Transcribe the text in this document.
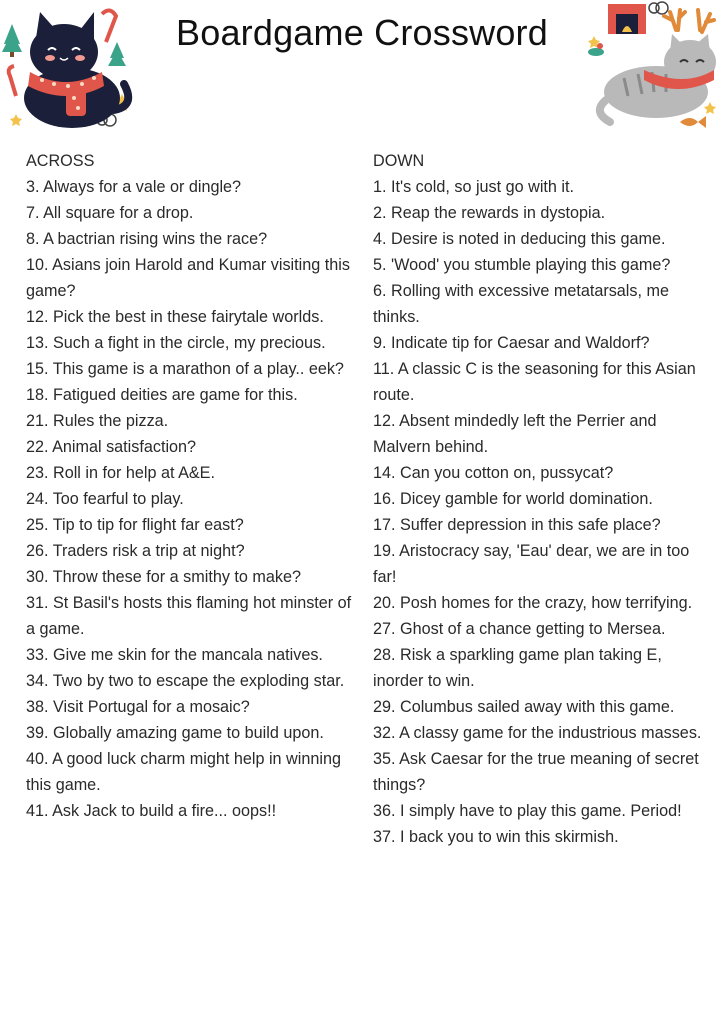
Boardgame Crossword

ACROSS

3. Always for a vale or dingle?

7. All square for a drop.

8. A bactrian rising wins the race?

10. Asians join Harold and Kumar visiting this game?

12. Pick the best in these fairytale worlds.

13. Such a fight in the circle, my precious.

15. This game is a marathon of a play.. eek?

18. Fatigued deities are game for this.

21. Rules the pizza.

22. Animal satisfaction?

23. Roll in for help at A&E.

24. Too fearful to play.

25. Tip to tip for flight far east?

26. Traders risk a trip at night?

30. Throw these for a smithy to make?

31. St Basil's hosts this flaming hot minster of a game.

33. Give me skin for the mancala natives.

34. Two by two to escape the exploding star.

38. Visit Portugal for a mosaic?

39. Globally amazing game to build upon.

40. A good luck charm might help in winning this game.

41. Ask Jack to build a fire... oops!!

DOWN

1. It's cold, so just go with it.

2. Reap the rewards in dystopia.

4. Desire is noted in deducing this game.

5. 'Wood' you stumble playing this game?

6. Rolling with excessive metatarsals, me thinks.

9. Indicate tip for Caesar and Waldorf?

11. A classic C is the seasoning for this Asian route.

12. Absent mindedly left the Perrier and Malvern behind.

14. Can you cotton on, pussycat?

16. Dicey gamble for world domination.

17. Suffer depression in this safe place?

19. Aristocracy say, 'Eau' dear, we are in too far!

20. Posh homes for the crazy, how terrifying.

27. Ghost of a chance getting to Mersea.

28. Risk a sparkling game plan taking E, inorder to win.

29. Columbus sailed away with this game.

32. A classy game for the industrious masses.

35. Ask Caesar for the true meaning of secret things?

36. I simply have to play this game. Period!

37. I back you to win this skirmish.
